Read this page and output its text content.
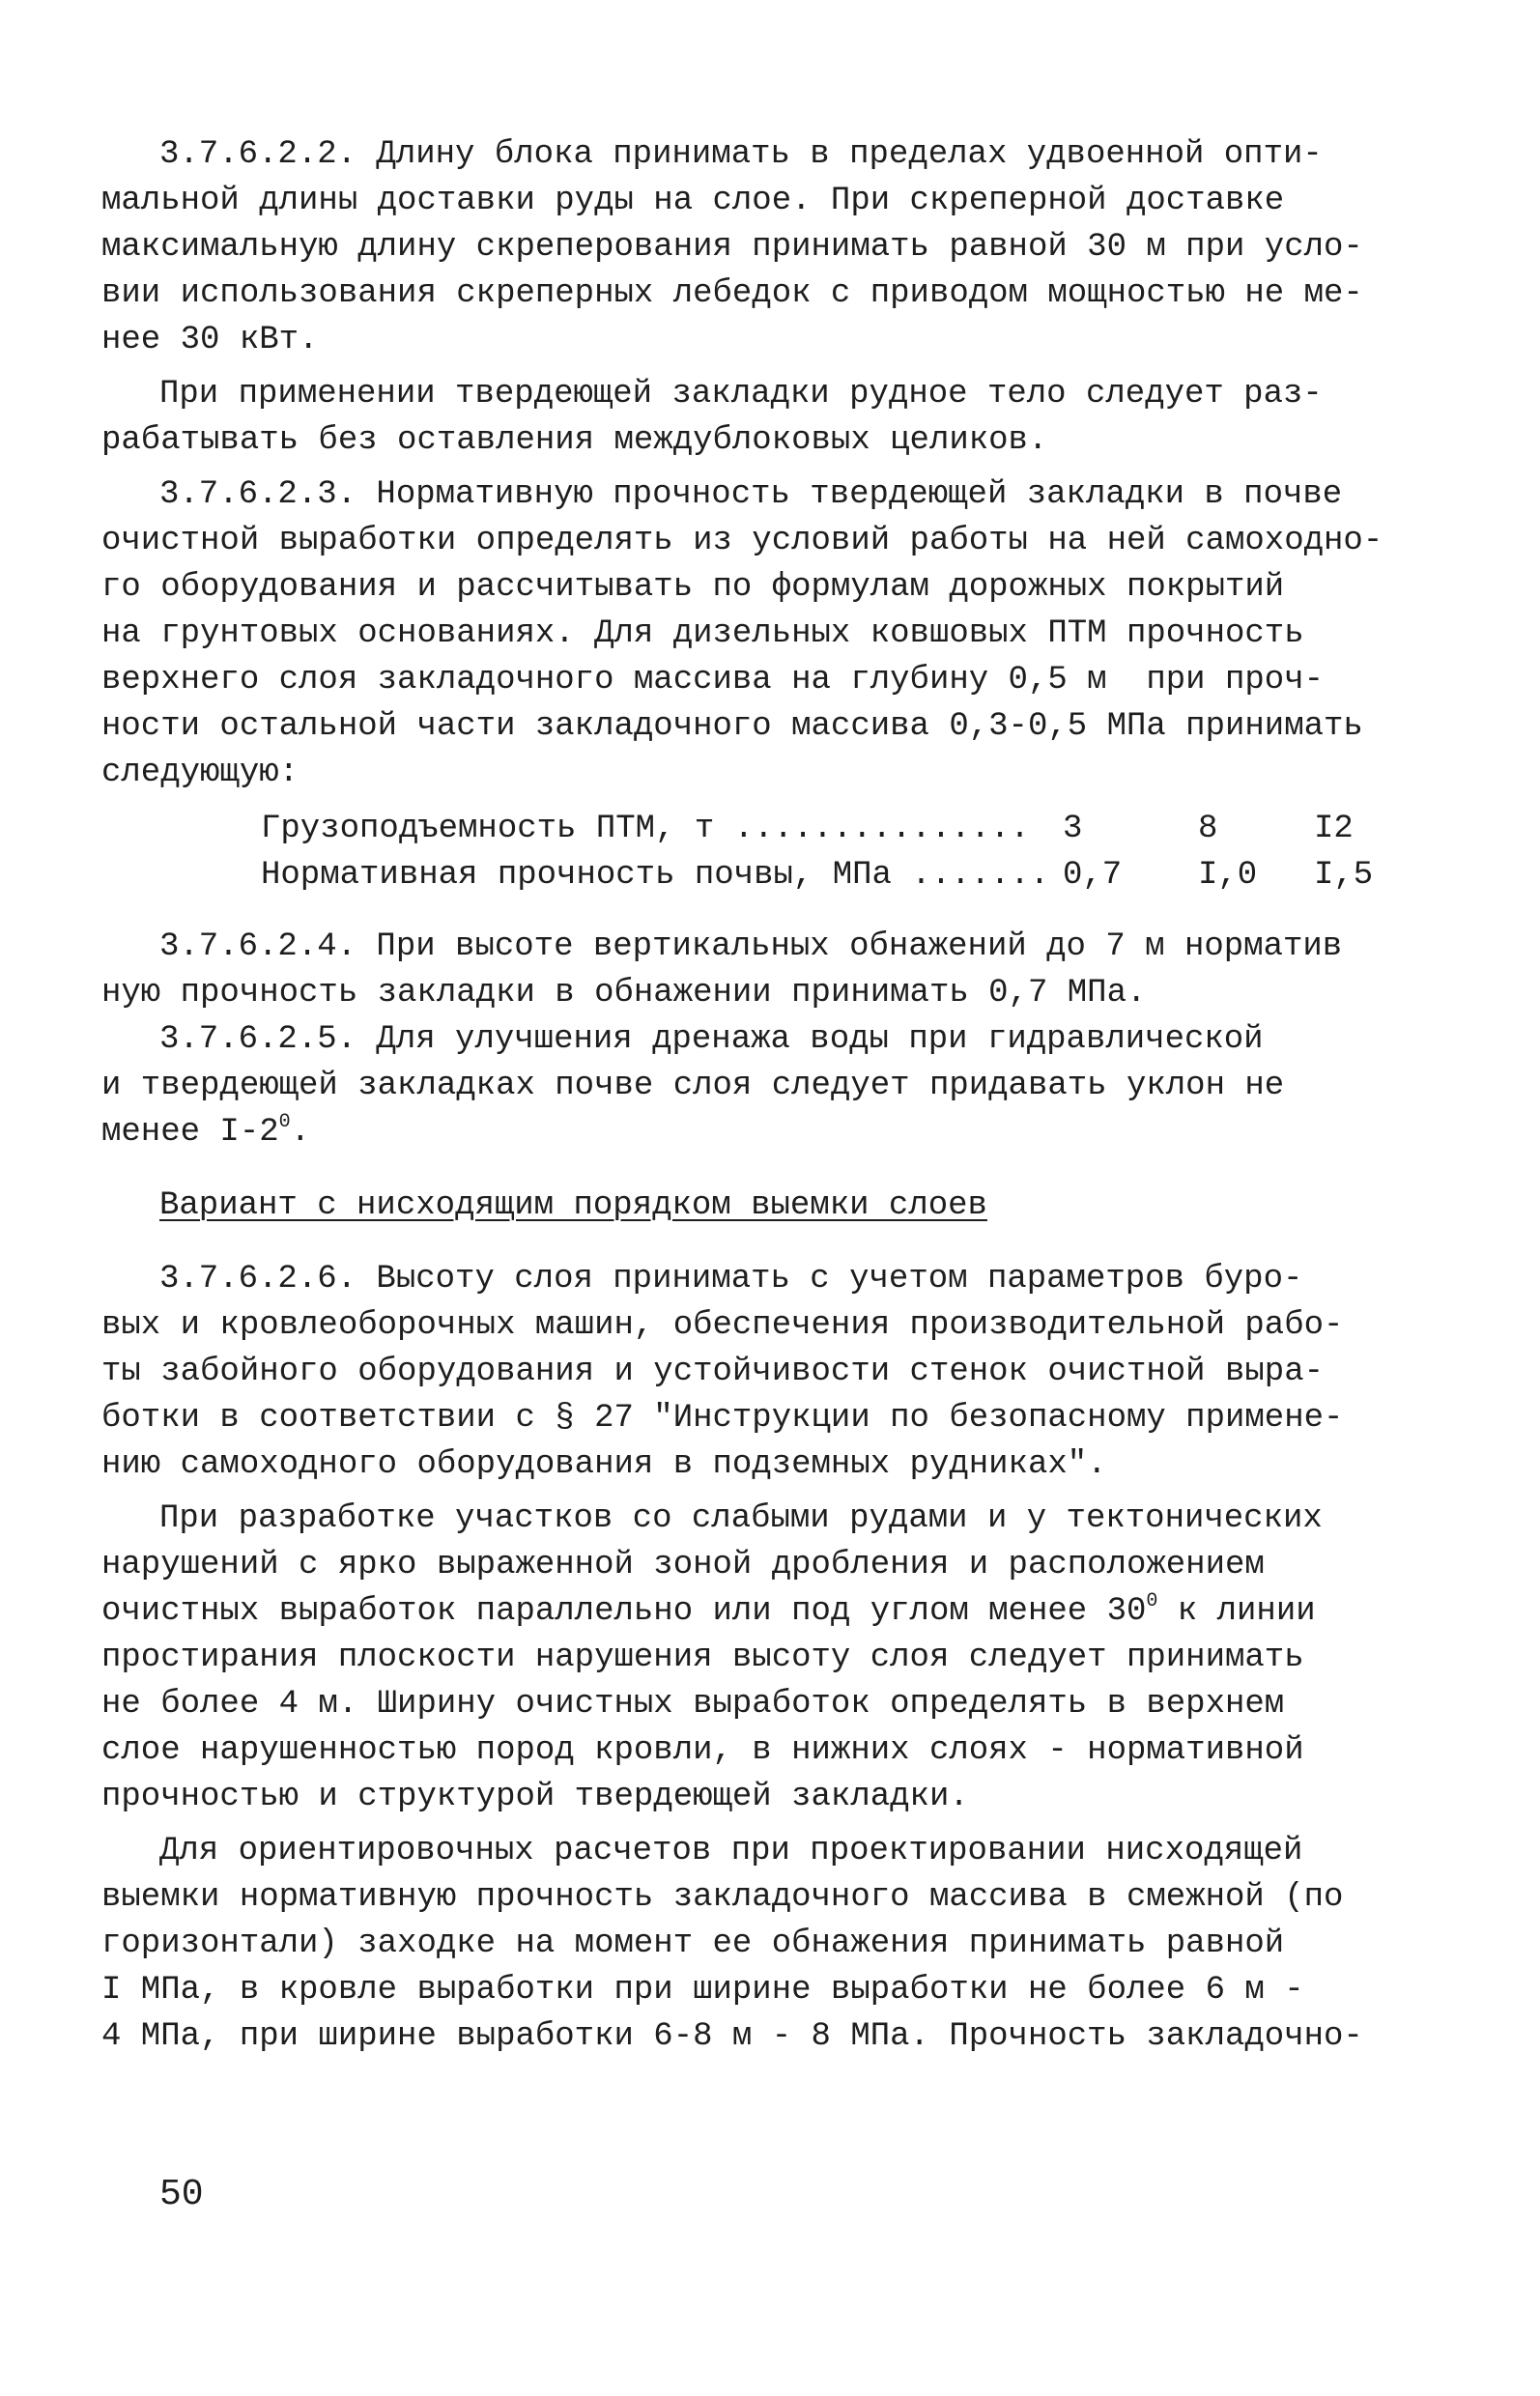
3.7.6.2.2. Длину блока принимать в пределах удвоенной опти-
мальной длины доставки руды на слое. При скреперной доставке
максимальную длину скреперования принимать равной 30 м при усло-
вии использования скреперных лебедок с приводом мощностью не ме-
нее 30 кВт.
При применении твердеющей закладки рудное тело следует раз-
рабатывать без оставления междублоковых целиков.
3.7.6.2.3. Нормативную прочность твердеющей закладки в почве
очистной выработки определять из условий работы на ней самоходно-
го оборудования и рассчитывать по формулам дорожных покрытий
на грунтовых основаниях. Для дизельных ковшовых ПТМ прочность
верхнего слоя закладочного массива на глубину 0,5 м  при проч-
ности остальной части закладочного массива 0,3-0,5 МПа принимать
следующую:
Грузоподъемность ПТМ, т ............... 3	8	I2
Нормативная прочность почвы, МПа ....... 0,7 I,0 I,5
3.7.6.2.4. При высоте вертикальных обнажений до 7 м норматив
ную прочность закладки в обнажении принимать 0,7 МПа.
3.7.6.2.5. Для улучшения дренажа воды при гидравлической
и твердеющей закладках почве слоя следует придавать уклон не
менее $I-2^0$.
Вариант с нисходящим порядком выемки слоев
3.7.6.2.6. Высоту слоя принимать с учетом параметров буро-
вых и кровлеоборочных машин, обеспечения производительной рабо-
ты забойного оборудования и устойчивости стенок очистной выра-
ботки в соответствии с § 27 "Инструкции по безопасному примене-
нию самоходного оборудования в подземных рудниках".
При разработке участков со слабыми рудами и у тектонических
нарушений с ярко выраженной зоной дробления и расположением
очистных выработок параллельно или под углом менее $30^0$ к линии
простирания плоскости нарушения высоту слоя следует принимать
не более 4 м. Ширину очистных выработок определять в верхнем
слое нарушенностью пород кровли, в нижних слоях - нормативной
прочностью и структурой твердеющей закладки.
Для ориентировочных расчетов при проектировании нисходящей
выемки нормативную прочность закладочного массива в смежной (по
горизонтали) заходке на момент ее обнажения принимать равной
I МПа, в кровле выработки при ширине выработки не более 6 м -
4 МПа, при ширине выработки 6-8 м - 8 МПа. Прочность закладочно-
50
